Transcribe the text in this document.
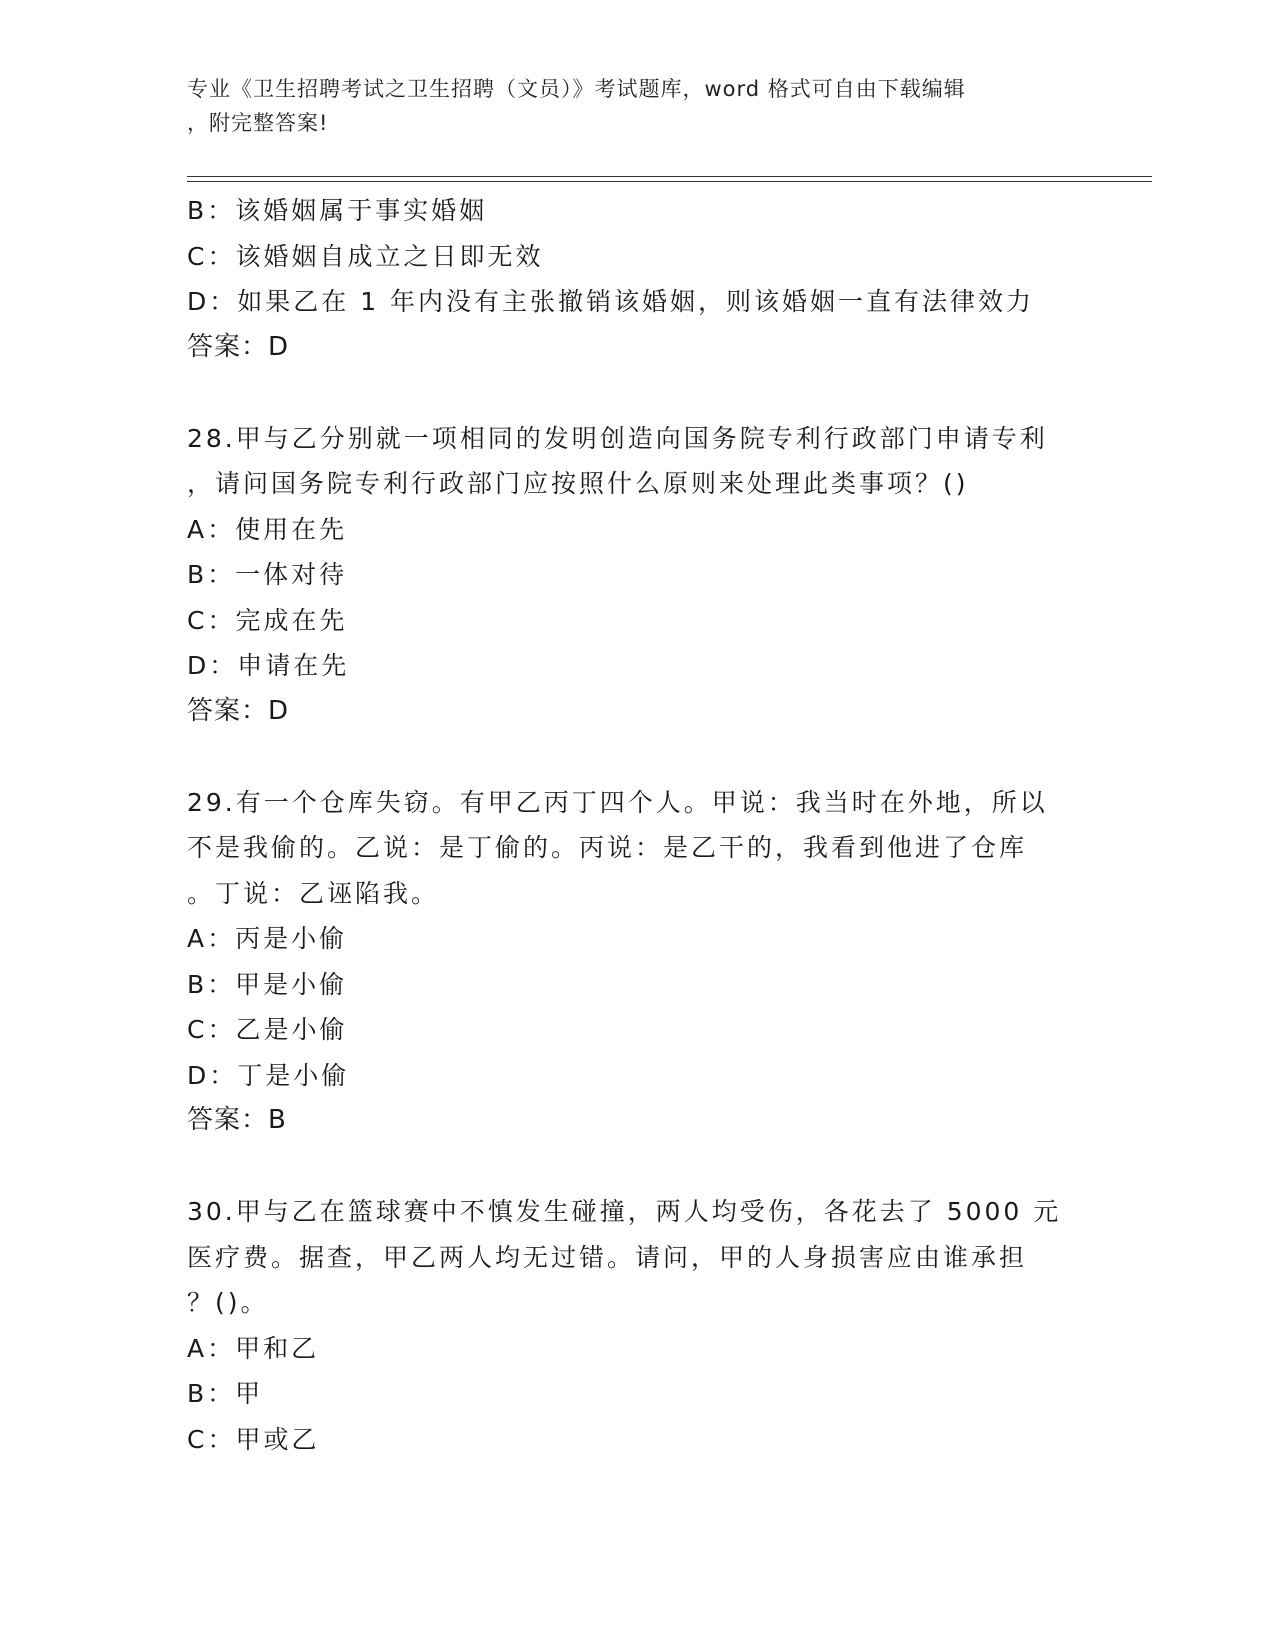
专业《卫生招聘考试之卫生招聘（文员）》考试题库，word 格式可自由下载编辑
，附完整答案!
B：该婚姻属于事实婚姻
C：该婚姻自成立之日即无效
D：如果乙在 1 年内没有主张撤销该婚姻，则该婚姻一直有法律效力
答案：D
28.甲与乙分别就一项相同的发明创造向国务院专利行政部门申请专利
，请问国务院专利行政部门应按照什么原则来处理此类事项？()
A：使用在先
B：一体对待
C：完成在先
D：申请在先
答案：D
29.有一个仓库失窃。有甲乙丙丁四个人。甲说：我当时在外地，所以
不是我偷的。乙说：是丁偷的。丙说：是乙干的，我看到他进了仓库
。丁说：乙诬陷我。
A：丙是小偷
B：甲是小偷
C：乙是小偷
D：丁是小偷
答案：B
30.甲与乙在篮球赛中不慎发生碰撞，两人均受伤，各花去了 5000 元
医疗费。据查，甲乙两人均无过错。请问，甲的人身损害应由谁承担
？()。
A：甲和乙
B：甲
C：甲或乙
